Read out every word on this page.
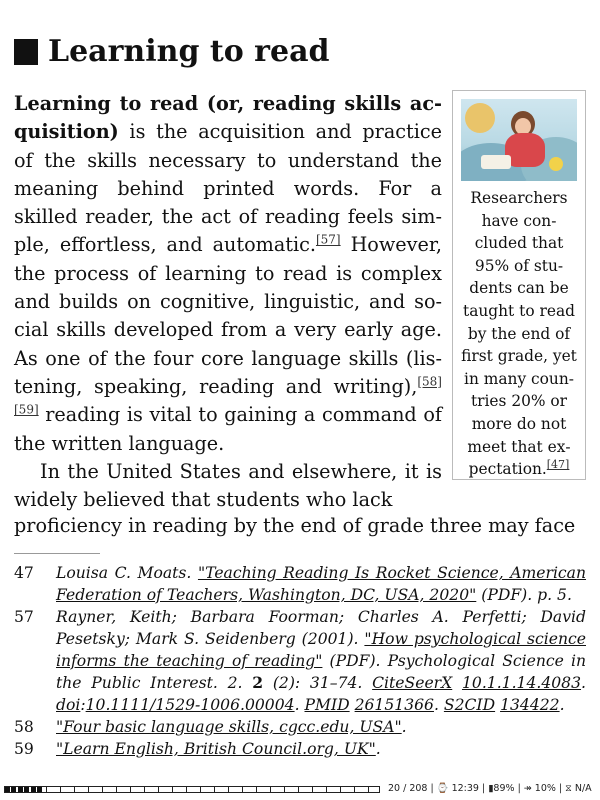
Learning to read

Learning to read (or, reading skills acquisition) is the acquisition and practice of the skills necessary to understand the meaning behind printed words. For a skilled reader, the act of reading feels simple, effortless, and automatic.[57] However, the process of learning to read is complex and builds on cognitive, linguistic, and social skills developed from a very early age. As one of the four core language skills (listening, speaking, reading and writing),[58] [59] reading is vital to gaining a command of the written language.

In the United States and elsewhere, it is widely believed that students who lack

proficiency in reading by the end of grade three may face
Researchers have concluded that 95% of students can be taught to read by the end of first grade, yet in many countries 20% or more do not meet that expectation.[47]
47	Louisa C. Moats. "Teaching Reading Is Rocket Science, American Federation of Teachers, Washington, DC, USA, 2020" (PDF). p. 5.
57	Rayner, Keith; Barbara Foorman; Charles A. Perfetti; David Pesetsky; Mark S. Seidenberg (2001). "How psychological science informs the teaching of reading" (PDF). Psychological Science in the Public Interest. 2. 2 (2): 31–74. CiteSeerX 10.1.1.14.4083. doi:10.1111/1529-1006.00004. PMID 26151366. S2CID 134422.
58	"Four basic language skills, cgcc.edu, USA".
59	"Learn English, British Council.org, UK".
20 / 208 | ⌚ 12:39 | ▮89% | ↠ 10% | ⧖ N/A
